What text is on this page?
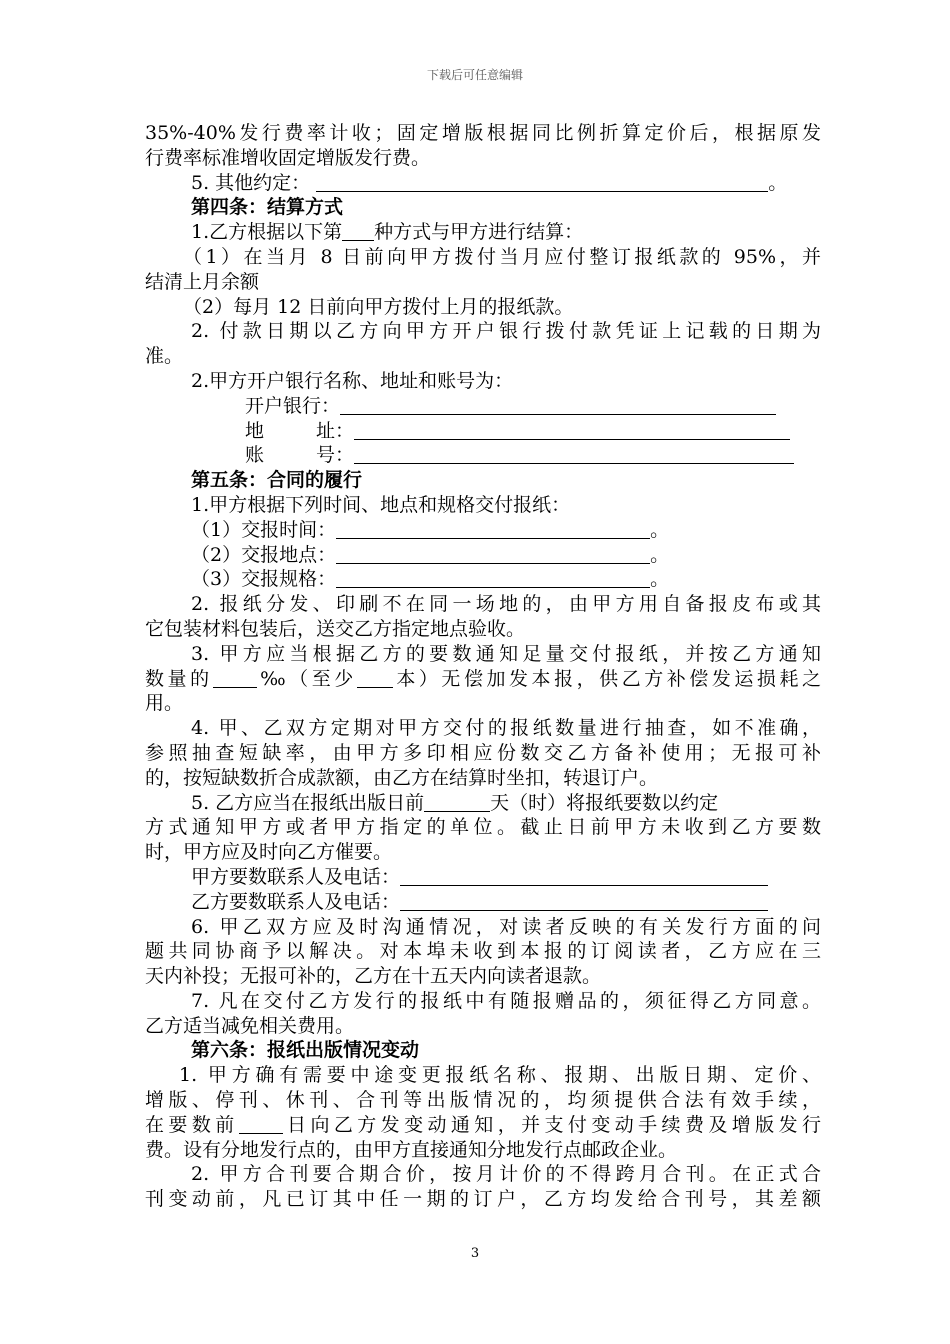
下载后可任意编辑
35%-40%发行费率计收；固定增版根据同比例折算定价后，根据原发
行费率标准增收固定增版发行费。
5. 其他约定：	。
第四条：结算方式
1.乙方根据以下第 种方式与甲方进行结算：
（1）在当月 8 日前向甲方拨付当月应付整订报纸款的 95%，并
结清上月余额
（2）每月 12 日前向甲方拨付上月的报纸款。
2. 付款日期以乙方向甲方开户银行拨付款凭证上记载的日期为
准。
2.甲方开户银行名称、地址和账号为：
开户银行：
地	址：
账	号：
第五条：合同的履行
1.甲方根据下列时间、地点和规格交付报纸：
（1）交报时间：	。
（2）交报地点：	。
（3）交报规格：	。
2. 报纸分发、印刷不在同一场地的，由甲方用自备报皮布或其
它包装材料包装后，送交乙方指定地点验收。
3. 甲方应当根据乙方的要数通知足量交付报纸，并按乙方通知
数量的 ‰（至少 本）无偿加发本报，供乙方补偿发运损耗之
用。
4. 甲、乙双方定期对甲方交付的报纸数量进行抽查，如不准确，
参照抽查短缺率，由甲方多印相应份数交乙方备补使用；无报可补
的，按短缺数折合成款额，由乙方在结算时坐扣，转退订户。
5. 乙方应当在报纸出版日前	天（时）将报纸要数以约定
方式通知甲方或者甲方指定的单位。截止日前甲方未收到乙方要数
时，甲方应及时向乙方催要。
甲方要数联系人及电话：
乙方要数联系人及电话：
6. 甲乙双方应及时沟通情况，对读者反映的有关发行方面的问
题共同协商予以解决。对本埠未收到本报的订阅读者，乙方应在三
天内补投；无报可补的，乙方在十五天内向读者退款。
7. 凡在交付乙方发行的报纸中有随报赠品的，须征得乙方同意。
乙方适当减免相关费用。
第六条：报纸出版情况变动
1. 甲方确有需要中途变更报纸名称、报期、出版日期、定价、
增版、停刊、休刊、合刊等出版情况的，均须提供合法有效手续，
在要数前 日向乙方发变动通知，并支付变动手续费及增版发行
费。设有分地发行点的，由甲方直接通知分地发行点邮政企业。
2. 甲方合刊要合期合价，按月计价的不得跨月合刊。在正式合
刊变动前，凡已订其中任一期的订户，乙方均发给合刊号，其差额
3
